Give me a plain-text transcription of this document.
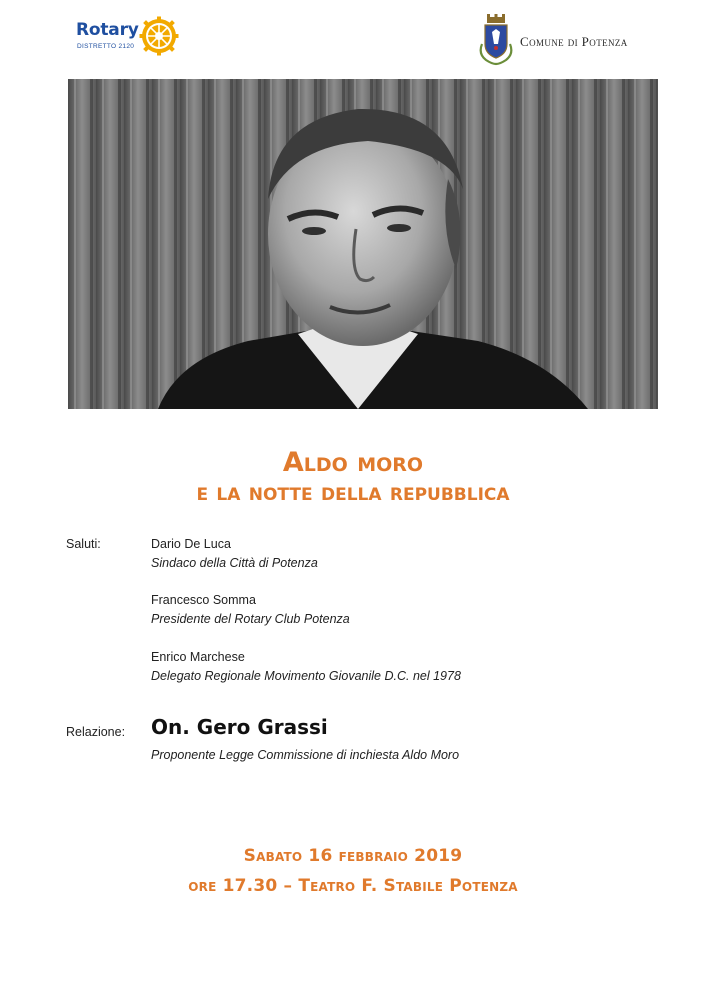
Rotary
DISTRETTO 2120	Comune di Potenza
Aldo moro
e la notte della repubblica
Saluti:	Dario De Luca
Sindaco della Città di Potenza
Francesco Somma
Presidente del Rotary Club Potenza
Enrico Marchese
Delegato Regionale Movimento Giovanile D.C. nel 1978
Relazione: On. Gero Grassi
Proponente Legge Commissione di inchiesta Aldo Moro
Sabato 16 febbraio 2019
ore 17.30 – Teatro F. Stabile Potenza
